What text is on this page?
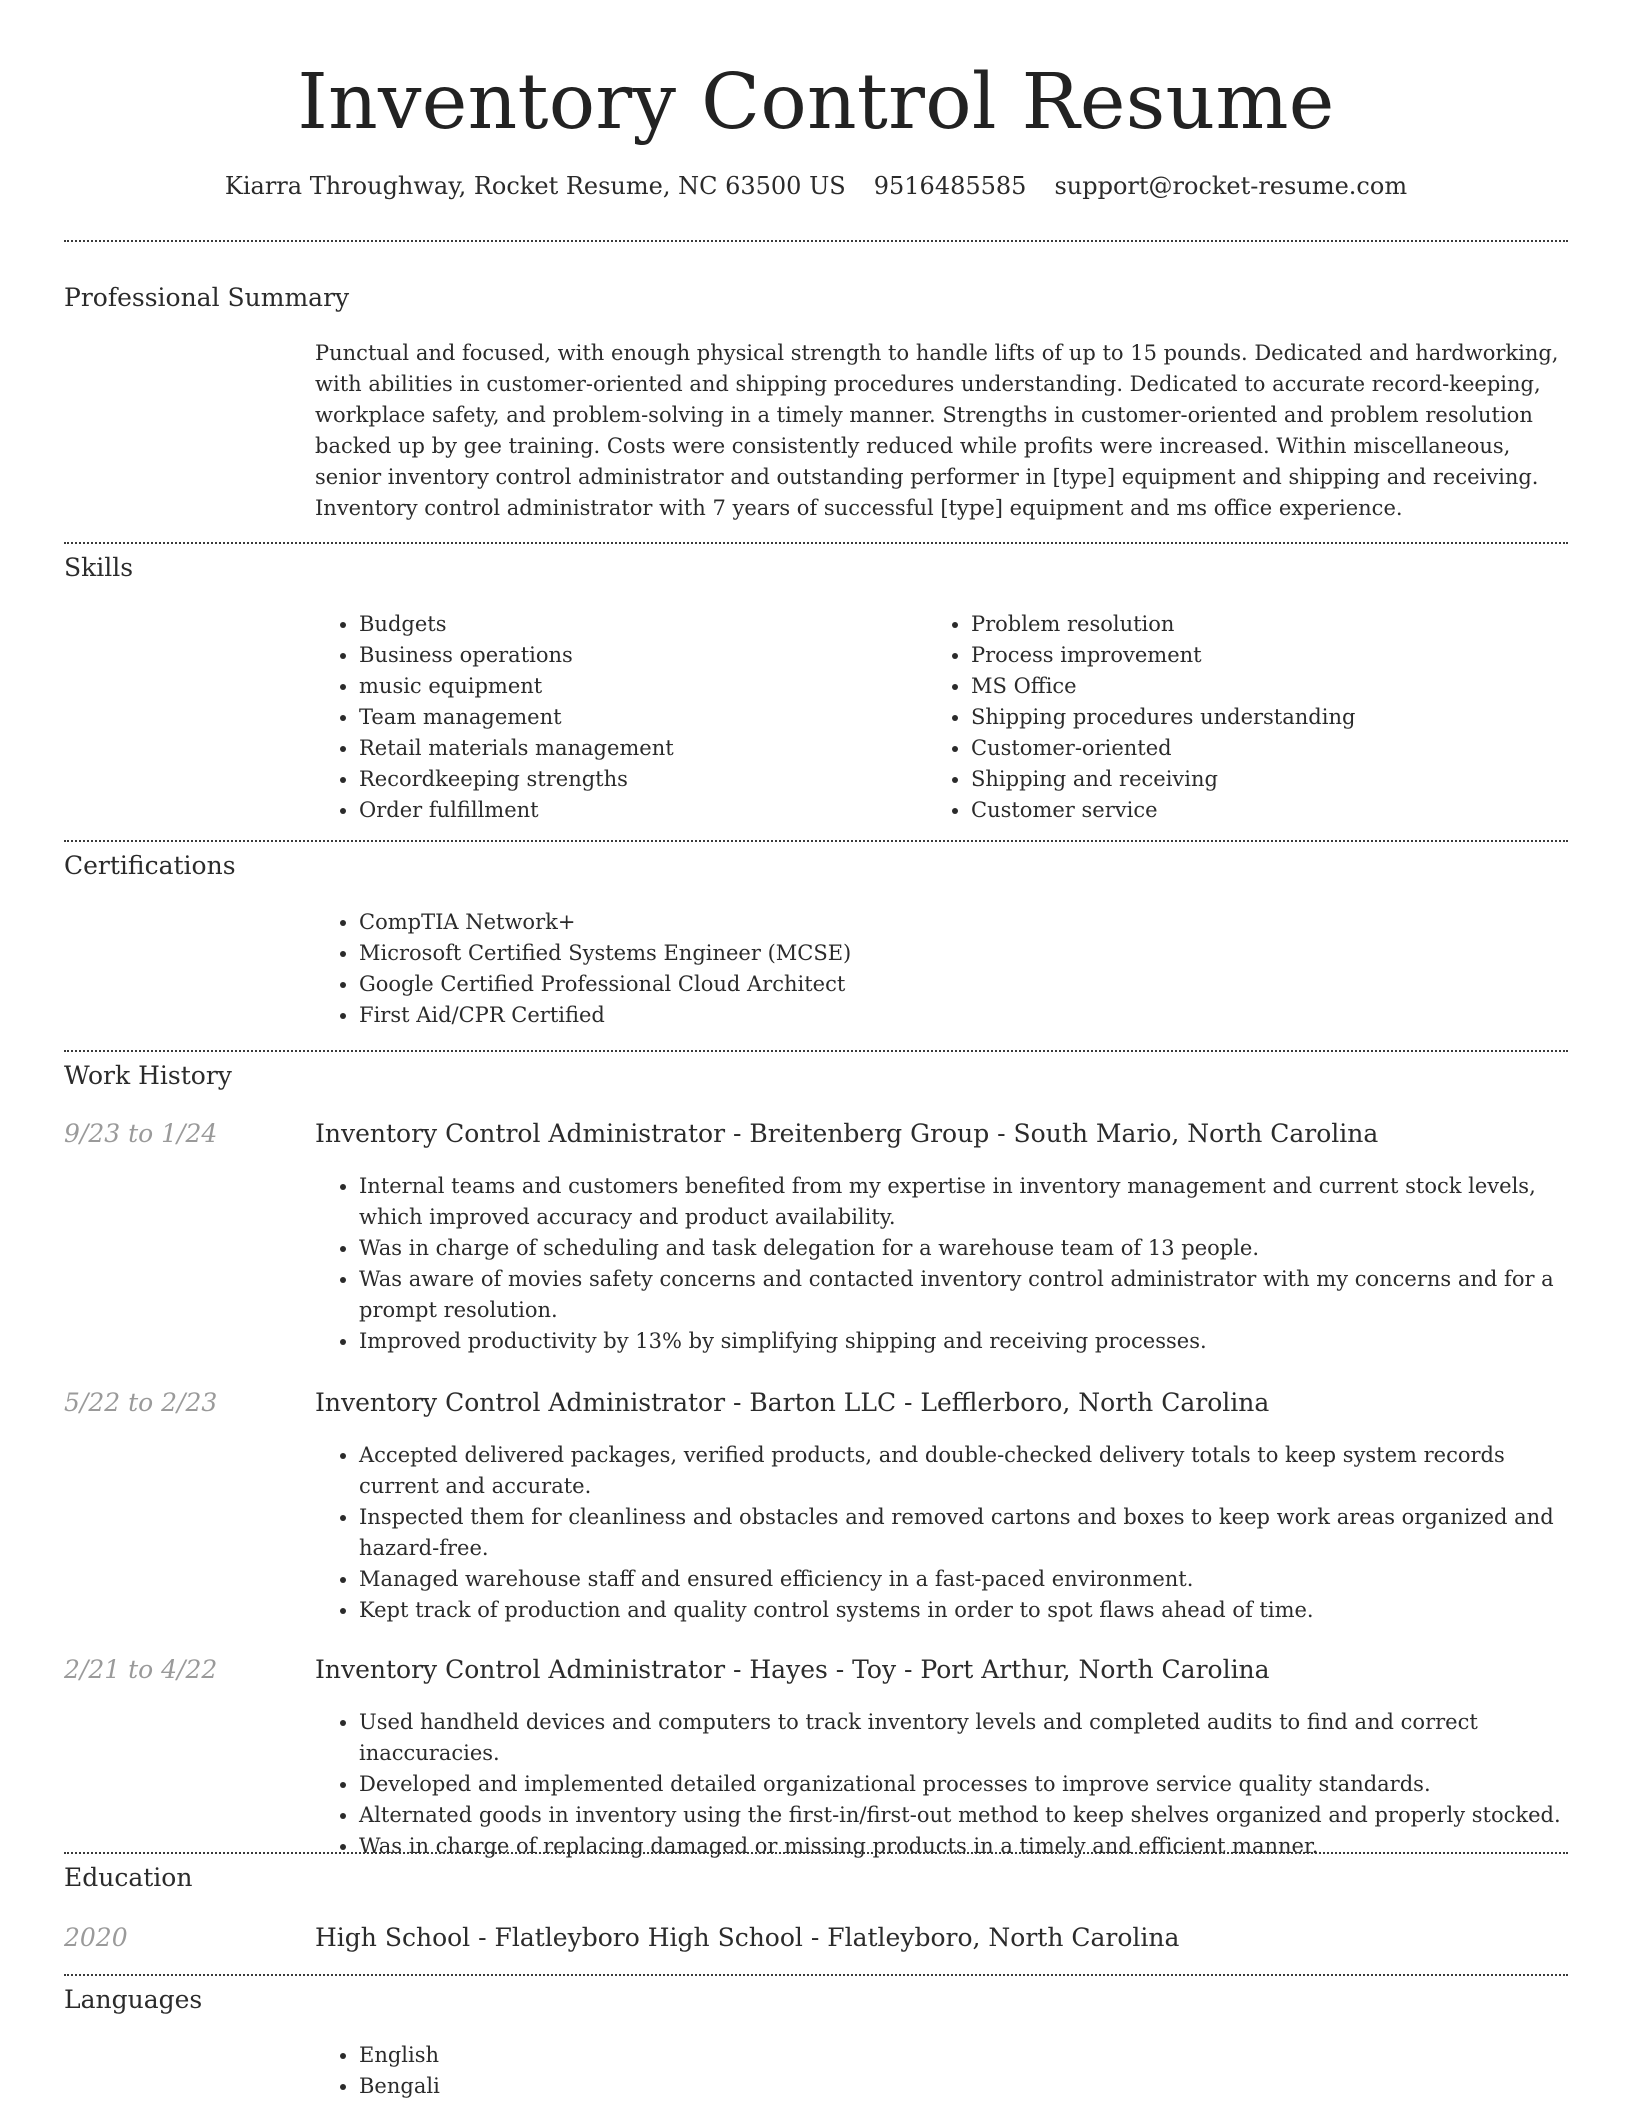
Inventory Control Resume
Kiarra Throughway, Rocket Resume, NC 63500 US 9516485585 support@rocket-resume.com
Professional Summary
Punctual and focused, with enough physical strength to handle lifts of up to 15 pounds. Dedicated and hardworking, with abilities in customer-oriented and shipping procedures understanding. Dedicated to accurate record-keeping, workplace safety, and problem-solving in a timely manner. Strengths in customer-oriented and problem resolution backed up by gee training. Costs were consistently reduced while profits were increased. Within miscellaneous, senior inventory control administrator and outstanding performer in [type] equipment and shipping and receiving. Inventory control administrator with 7 years of successful [type] equipment and ms office experience.
Skills
• Budgets
• Business operations
• music equipment
• Team management
• Retail materials management
• Recordkeeping strengths
• Order fulfillment
• Problem resolution
• Process improvement
• MS Office
• Shipping procedures understanding
• Customer-oriented
• Shipping and receiving
• Customer service
Certifications
• CompTIA Network+
• Microsoft Certified Systems Engineer (MCSE)
• Google Certified Professional Cloud Architect
• First Aid/CPR Certified
Work History
9/23 to 1/24	Inventory Control Administrator - Breitenberg Group - South Mario, North Carolina
• Internal teams and customers benefited from my expertise in inventory management and current stock levels, which improved accuracy and product availability.
• Was in charge of scheduling and task delegation for a warehouse team of 13 people.
• Was aware of movies safety concerns and contacted inventory control administrator with my concerns and for a prompt resolution.
• Improved productivity by 13% by simplifying shipping and receiving processes.
5/22 to 2/23	Inventory Control Administrator - Barton LLC - Lefflerboro, North Carolina
• Accepted delivered packages, verified products, and double-checked delivery totals to keep system records current and accurate.
• Inspected them for cleanliness and obstacles and removed cartons and boxes to keep work areas organized and hazard-free.
• Managed warehouse staff and ensured efficiency in a fast-paced environment.
• Kept track of production and quality control systems in order to spot flaws ahead of time.
2/21 to 4/22	Inventory Control Administrator - Hayes - Toy - Port Arthur, North Carolina
• Used handheld devices and computers to track inventory levels and completed audits to find and correct inaccuracies.
• Developed and implemented detailed organizational processes to improve service quality standards.
• Alternated goods in inventory using the first-in/first-out method to keep shelves organized and properly stocked.
• Was in charge of replacing damaged or missing products in a timely and efficient manner.
Education
2020	High School - Flatleyboro High School - Flatleyboro, North Carolina
Languages
• English
• Bengali
